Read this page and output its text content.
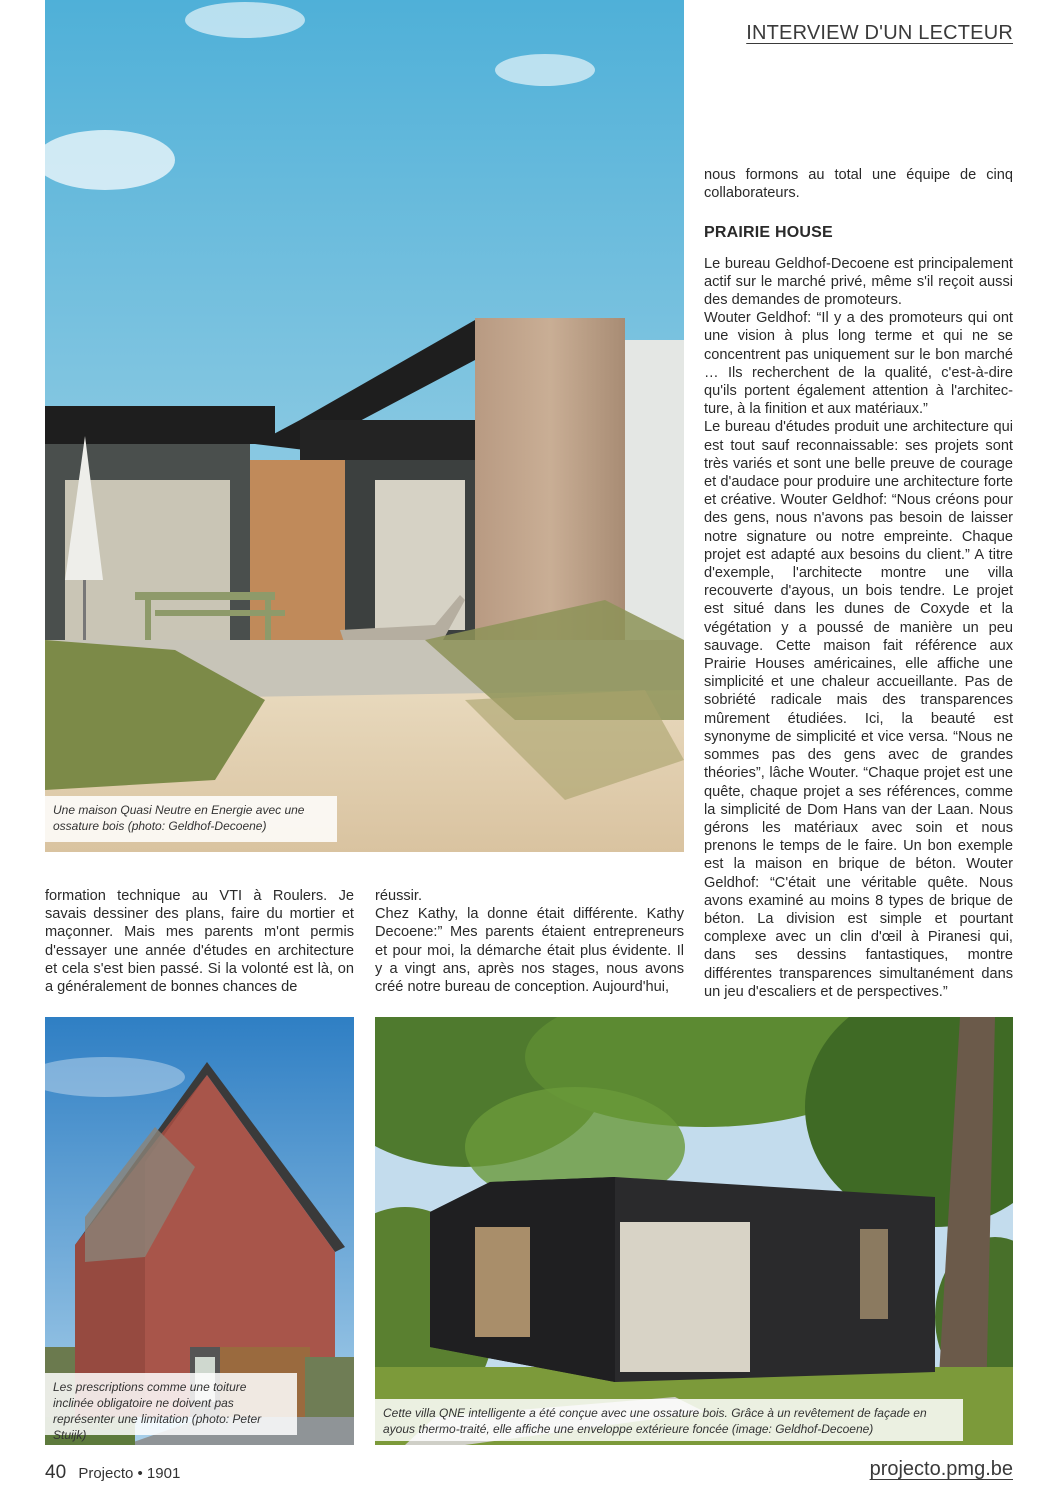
INTERVIEW D'UN LECTEUR
Une maison Quasi Neutre en Energie avec une ossature bois (photo: Geldhof-Decoene)

nous formons au total une équipe de cinq collaborateurs.

PRAIRIE HOUSE

Le bureau Geldhof-Decoene est principalement actif sur le marché privé, même s'il reçoit aussi des demandes de promoteurs.

Wouter Geldhof: “Il y a des promoteurs qui ont une vision à plus long terme et qui ne se concentrent pas uniquement sur le bon marché … Ils recherchent de la qualité, c'est-à-dire qu'ils portent également attention à l'architecture, à la finition et aux matériaux.”

Le bureau d'études produit une architecture qui est tout sauf reconnaissable: ses projets sont très variés et sont une belle preuve de courage et d'audace pour produire une architecture forte et créative. Wouter Geldhof: “Nous créons pour des gens, nous n'avons pas besoin de laisser notre signature ou notre empreinte. Chaque projet est adapté aux besoins du client.” A titre d'exemple, l'architecte montre une villa recouverte d'ayous, un bois tendre. Le projet est situé dans les dunes de Coxyde et la végétation y a poussé de manière un peu sauvage. Cette maison fait référence aux Prairie Houses américaines, elle affiche une simplicité et une chaleur accueillante. Pas de sobriété radicale mais des transparences mûrement étudiées. Ici, la beauté est synonyme de simplicité et vice versa. “Nous ne sommes pas des gens avec de grandes théories”, lâche Wouter. “Chaque projet est une quête, chaque projet a ses références, comme la simplicité de Dom Hans van der Laan. Nous gérons les matériaux avec soin et nous prenons le temps de le faire. Un bon exemple est la maison en brique de béton. Wouter Geldhof: “C'était une véritable quête. Nous avons examiné au moins 8 types de brique de béton. La division est simple et pourtant complexe avec un clin d'œil à Piranesi qui, dans ses dessins fantastiques, montre différentes transparences simultanément dans un jeu d'escaliers et de perspectives.”

formation technique au VTI à Roulers. Je savais dessiner des plans, faire du mortier et maçonner. Mais mes parents m'ont permis d'essayer une année d'études en architecture et cela s'est bien passé. Si la volonté est là, on a généralement de bonnes chances de

réussir.

Chez Kathy, la donne était différente. Kathy Decoene:” Mes parents étaient entrepreneurs et pour moi, la démarche était plus évidente. Il y a vingt ans, après nos stages, nous avons créé notre bureau de conception. Aujourd'hui,

Les prescriptions comme une toiture inclinée obligatoire ne doivent pas représenter une limitation (photo: Peter Stuijk)
Cette villa QNE intelligente a été conçue avec une ossature bois. Grâce à un revêtement de façade en ayous thermo-traité, elle affiche une enveloppe extérieure foncée (image: Geldhof-Decoene)
40 Projecto • 1901	projecto.pmg.be
